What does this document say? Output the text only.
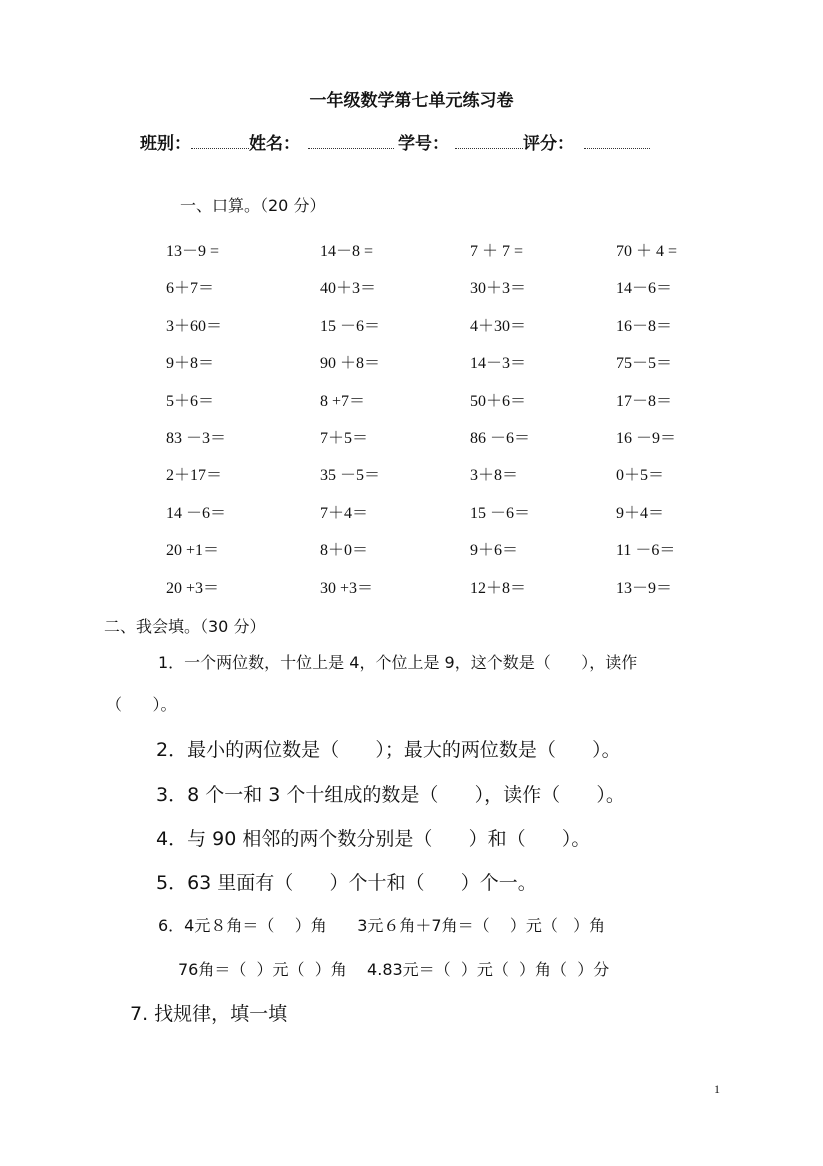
一年级数学第七单元练习卷
班别：	姓名：	学号：	评分：
一、口算。（20 分）
13－9 =	14－8 =	7 ＋ 7 =	70 ＋ 4 =
6＋7＝	40＋3＝	30＋3＝	14－6＝
3＋60＝	15 －6＝	4＋30＝	16－8＝
9＋8＝	90 ＋8＝	14－3＝	75－5＝
5＋6＝	8 +7＝	50＋6＝	17－8＝
83 －3＝	7＋5＝	86 －6＝	16 －9＝
2＋17＝	35 －5＝	3＋8＝	0＋5＝
14 －6＝	7＋4＝	15 －6＝	9＋4＝
20 +1＝	8＋0＝	9＋6＝	11 －6＝
20 +3＝	30 +3＝	12＋8＝	13－9＝
二、我会填。（30 分）
1．一个两位数，十位上是 4，个位上是 9，这个数是（      ），读作
（      ）。
2．最小的两位数是（      ）；最大的两位数是（      ）。
3．8 个一和 3 个十组成的数是（      ），读作（      ）。
4．与 90 相邻的两个数分别是（      ）和（      ）。
5．63 里面有（      ）个十和（      ）个一。
6．4元８角＝（    ）角      3元６角＋7角＝（    ）元（   ）角
76角＝（  ）元（  ）角    4.83元＝（  ）元（  ）角（  ）分
7. 找规律，填一填
1
